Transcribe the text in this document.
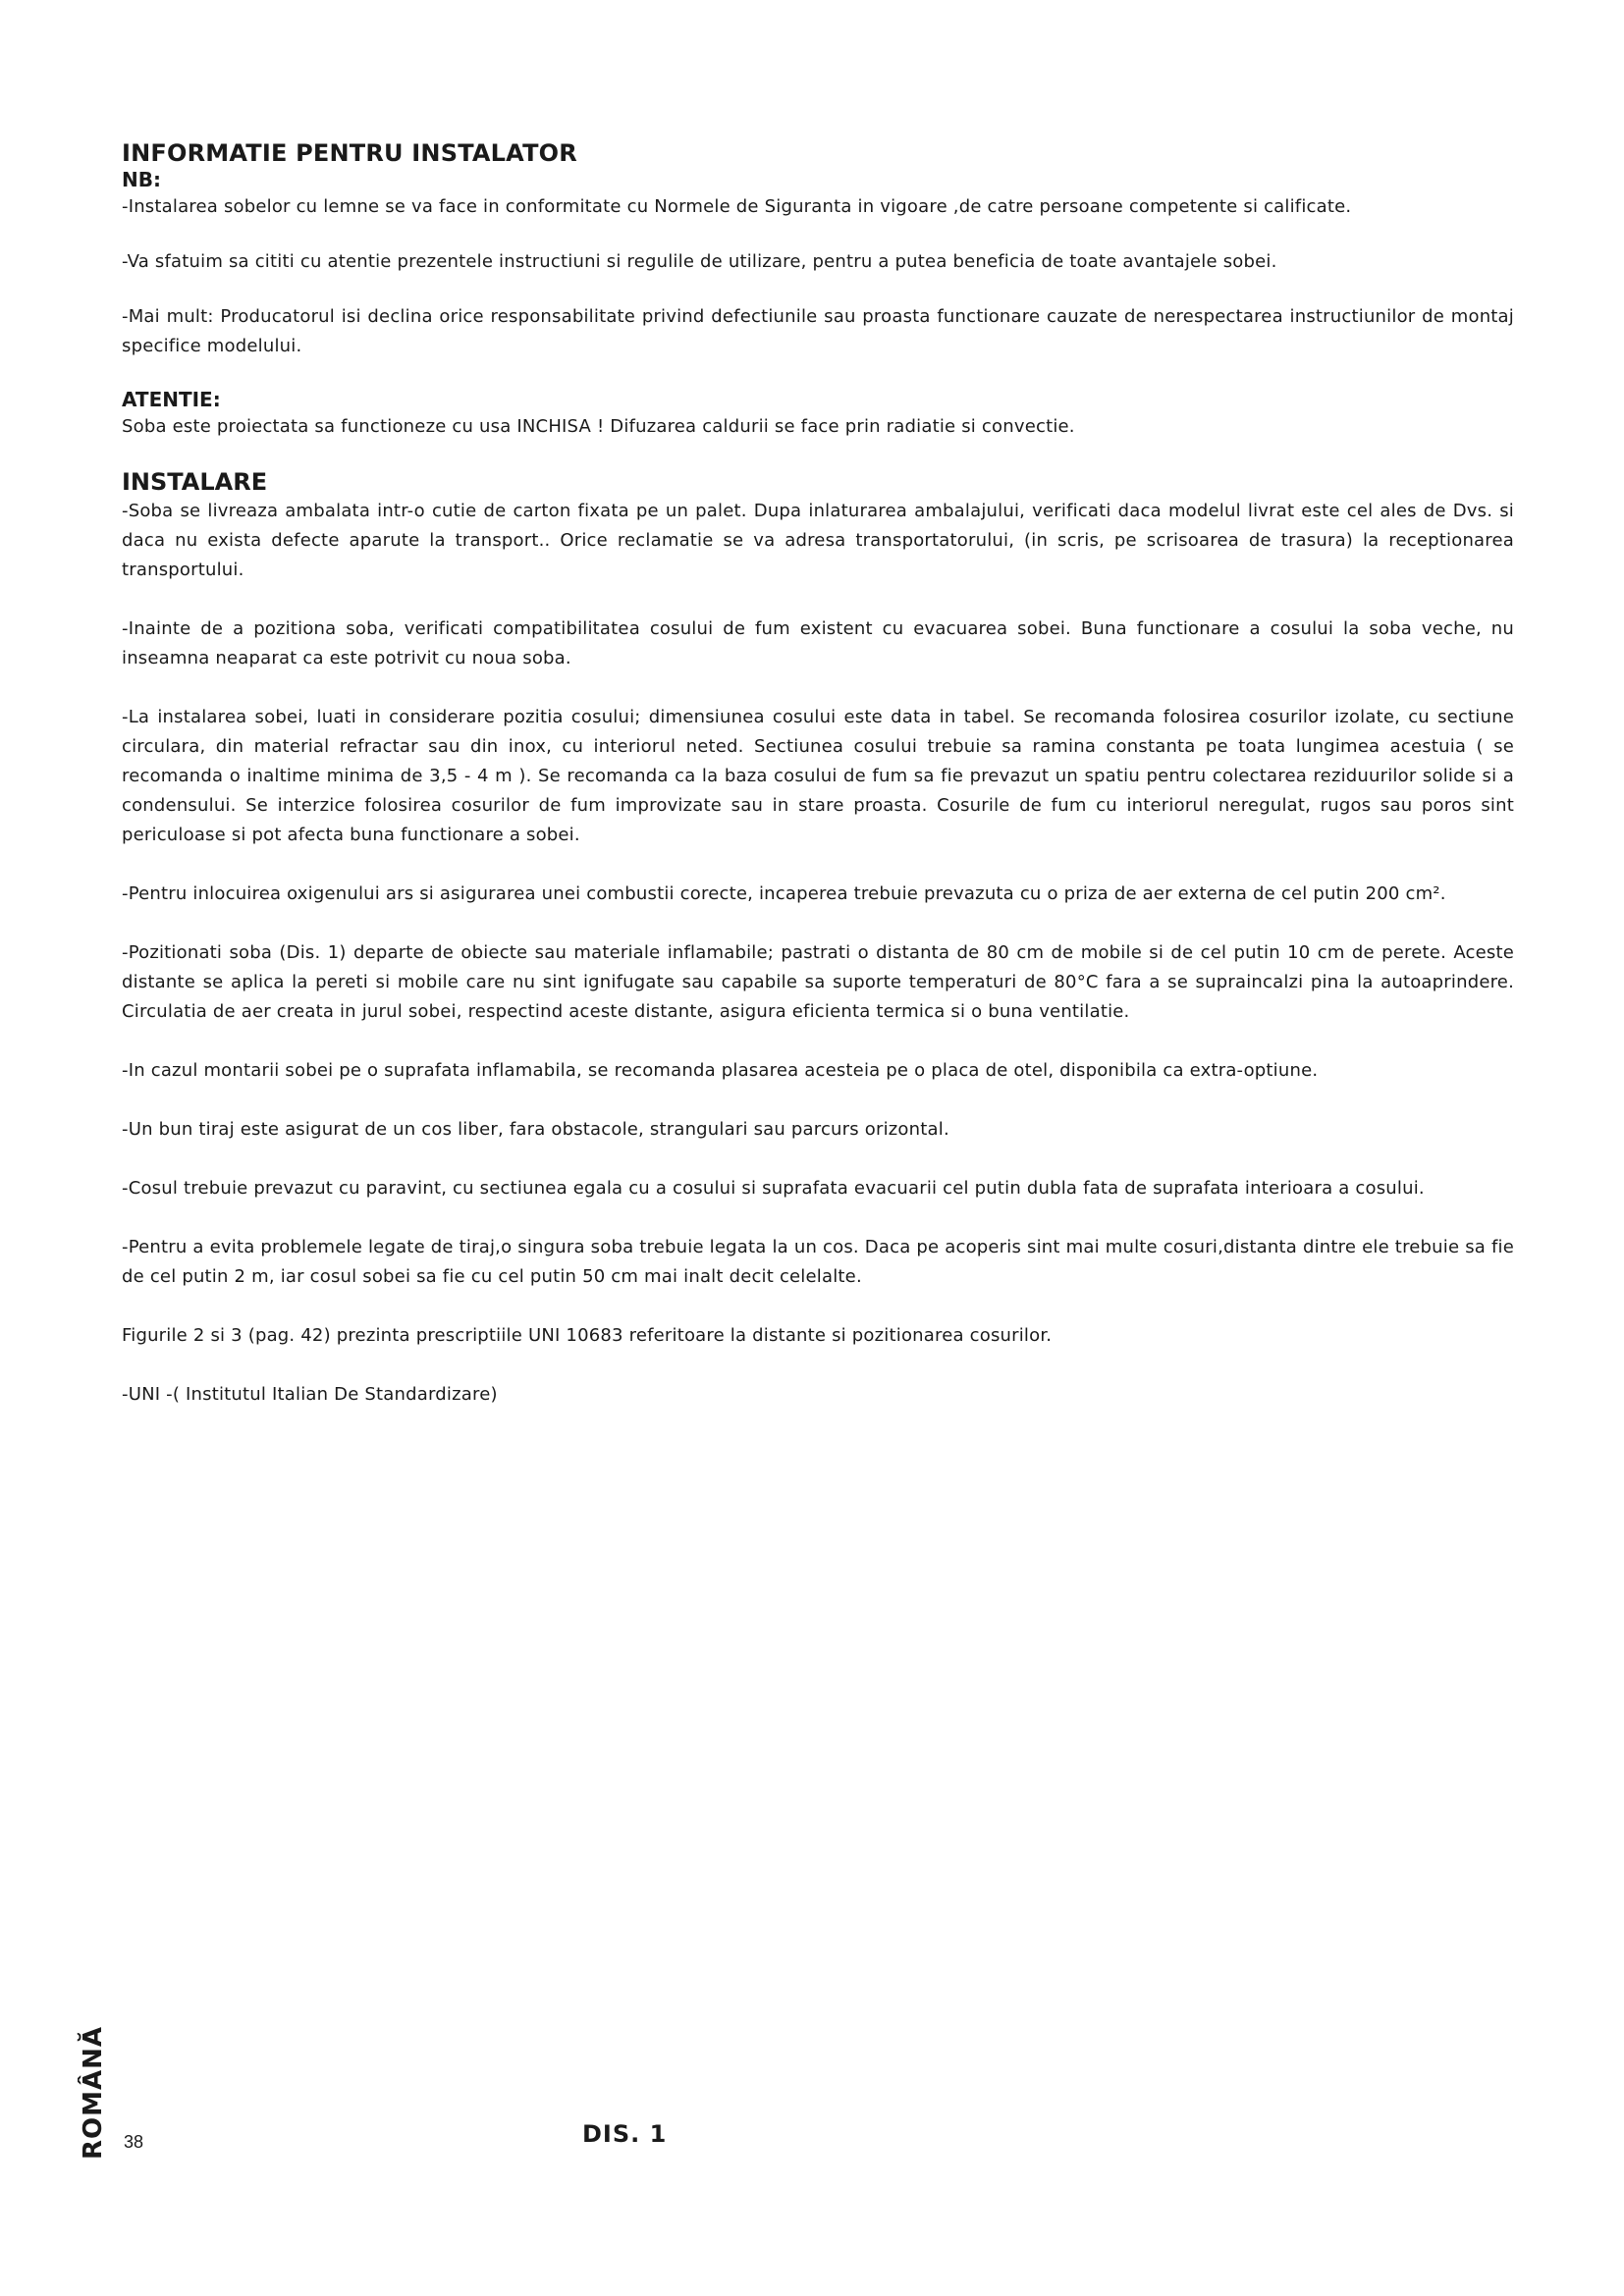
INFORMATIE PENTRU INSTALATOR
NB:

-Instalarea sobelor cu lemne se va face in conformitate cu Normele de Siguranta in vigoare ,de catre persoane competente si calificate.

-Va sfatuim sa cititi cu atentie prezentele instructiuni si regulile de utilizare, pentru a putea beneficia de toate avantajele sobei.

-Mai mult: Producatorul isi declina orice responsabilitate privind defectiunile sau proasta functionare cauzate de nerespectarea instructiunilor de montaj specifice modelului.

ATENTIE:

Soba este proiectata sa functioneze cu usa INCHISA ! Difuzarea caldurii se face prin radiatie si convectie.

INSTALARE

-Soba se livreaza ambalata intr-o cutie de carton fixata pe un palet. Dupa inlaturarea ambalajului, verificati daca modelul livrat este cel ales de Dvs. si daca nu exista defecte aparute la transport.. Orice reclamatie se va adresa transportatorului, (in scris, pe scrisoarea de trasura) la receptionarea transportului.

-Inainte de a pozitiona soba, verificati compatibilitatea cosului de fum existent cu evacuarea sobei. Buna functionare a cosului la soba veche, nu inseamna neaparat ca este potrivit cu noua soba.

-La instalarea sobei, luati in considerare pozitia cosului; dimensiunea cosului este data in tabel. Se recomanda folosirea cosurilor izolate, cu sectiune circulara, din material refractar sau din inox, cu interiorul neted. Sectiunea cosului trebuie sa ramina constanta pe toata lungimea acestuia ( se recomanda o inaltime minima de 3,5 - 4 m ). Se recomanda ca la baza cosului de fum sa fie prevazut un spatiu pentru colectarea reziduurilor solide si a condensului. Se interzice folosirea cosurilor de fum improvizate sau in stare proasta. Cosurile de fum cu interiorul neregulat, rugos sau poros sint periculoase si pot afecta buna functionare a sobei.

-Pentru inlocuirea oxigenului ars si asigurarea unei combustii corecte, incaperea trebuie prevazuta cu o priza de aer externa de cel putin 200 cm².

-Pozitionati soba (Dis. 1) departe de obiecte sau materiale inflamabile; pastrati o distanta de 80 cm de mobile si de cel putin 10 cm de perete. Aceste distante se aplica la pereti si mobile care nu sint ignifugate sau capabile sa suporte temperaturi de 80°C fara a se supraincalzi pina la autoaprindere. Circulatia de aer creata in jurul sobei, respectind aceste distante, asigura eficienta termica si o buna ventilatie.

-In cazul montarii sobei pe o suprafata inflamabila, se recomanda plasarea acesteia pe o placa de otel, disponibila ca extra-optiune.

-Un bun tiraj este asigurat de un cos liber, fara obstacole, strangulari sau parcurs orizontal.

-Cosul trebuie prevazut cu paravint, cu sectiunea egala cu a cosului si suprafata evacuarii cel putin dubla fata de suprafata interioara a cosului.

-Pentru a evita problemele legate de tiraj,o singura soba trebuie legata la un cos. Daca pe acoperis sint mai multe cosuri,distanta dintre ele trebuie sa fie de cel putin 2 m, iar cosul sobei sa fie cu cel putin 50 cm mai inalt decit celelalte.

Figurile 2 si 3 (pag. 42) prezinta prescriptiile UNI 10683 referitoare la distante si pozitionarea cosurilor.

-UNI -( Institutul Italian De Standardizare)

ROMÂNĂ 38	DIS. 1
